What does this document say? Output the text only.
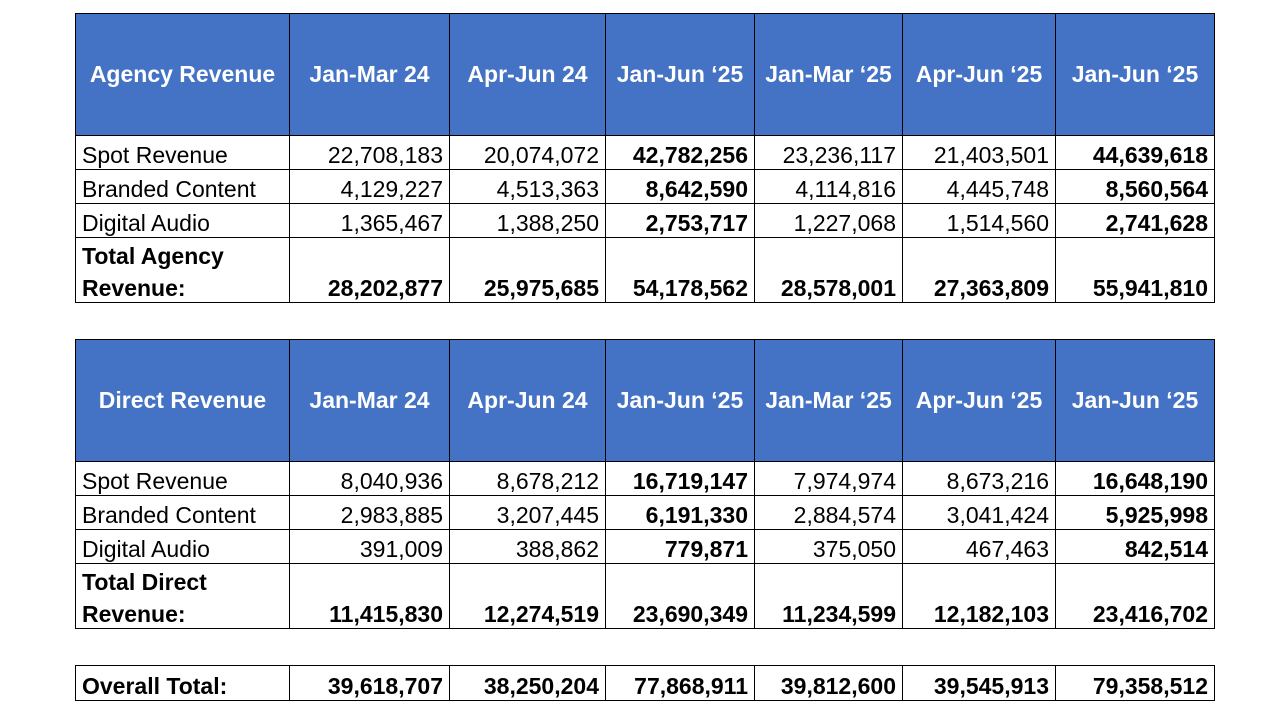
Agency Revenue	Jan-Mar 24	Apr-Jun 24	Jan-Jun ‘25	Jan-Mar ‘25	Apr-Jun ‘25	Jan-Jun ‘25
Spot Revenue	22,708,183	20,074,072	42,782,256	23,236,117	21,403,501	44,639,618
Branded Content	4,129,227	4,513,363	8,642,590	4,114,816	4,445,748	8,560,564
Digital Audio	1,365,467	1,388,250	2,753,717	1,227,068	1,514,560	2,741,628
Total Agency						
Revenue:	28,202,877	25,975,685	54,178,562	28,578,001	27,363,809	55,941,810
Direct Revenue	Jan-Mar 24	Apr-Jun 24	Jan-Jun ‘25	Jan-Mar ‘25	Apr-Jun ‘25	Jan-Jun ‘25
Spot Revenue	8,040,936	8,678,212	16,719,147	7,974,974	8,673,216	16,648,190
Branded Content	2,983,885	3,207,445	6,191,330	2,884,574	3,041,424	5,925,998
Digital Audio	391,009	388,862	779,871	375,050	467,463	842,514
Total Direct						
Revenue:	11,415,830	12,274,519	23,690,349	11,234,599	12,182,103	23,416,702
Overall Total:	39,618,707	38,250,204	77,868,911	39,812,600	39,545,913	79,358,512
